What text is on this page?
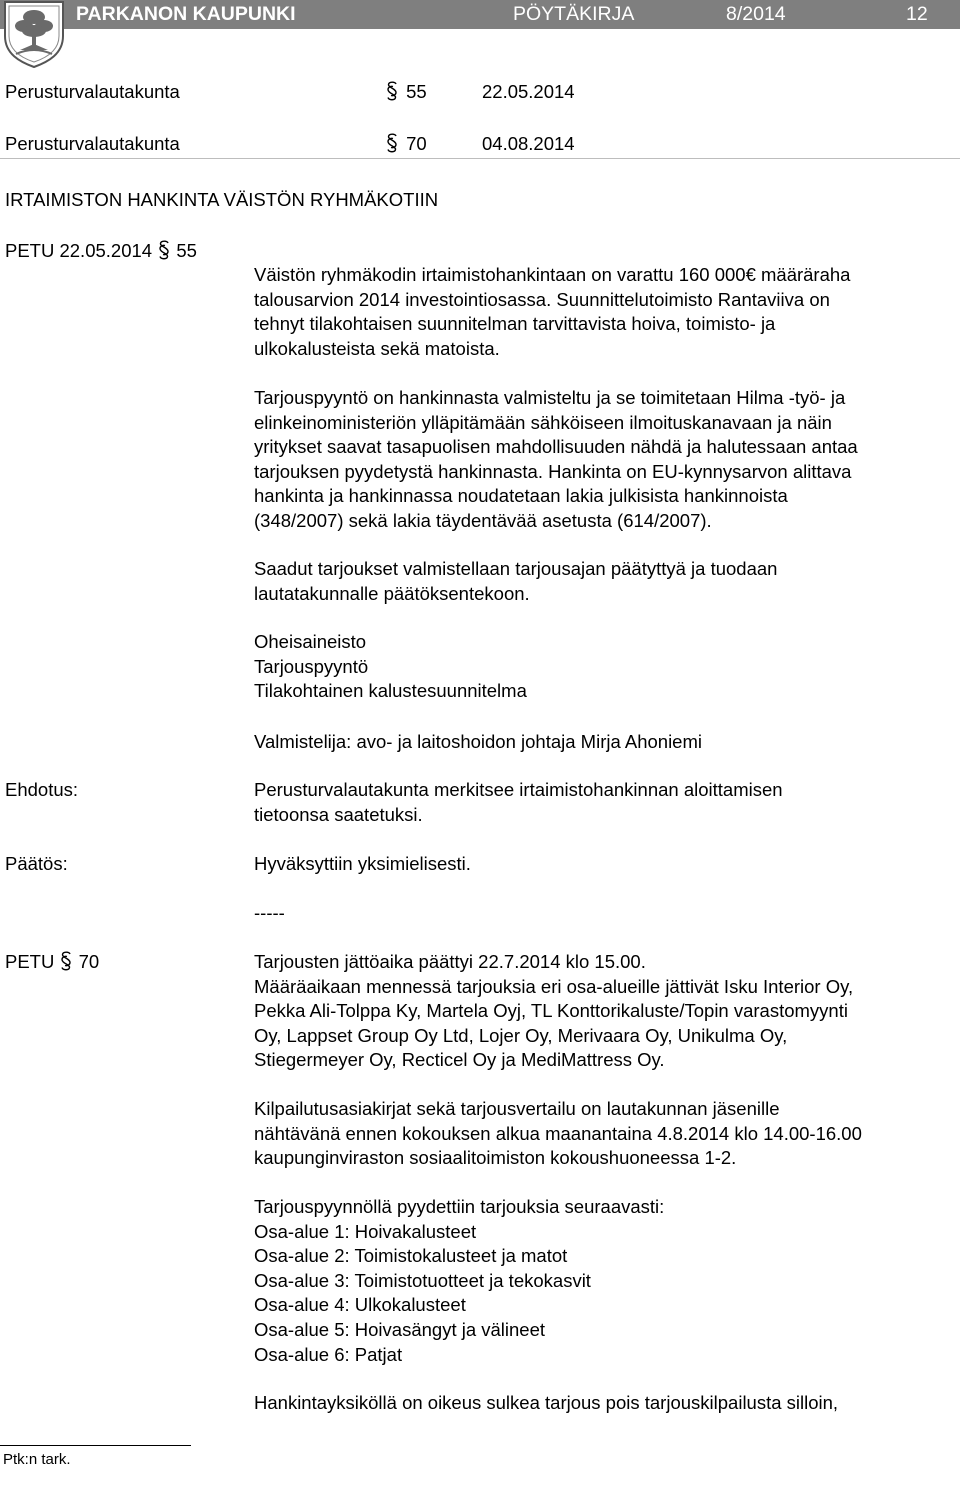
PARKANON KAUPUNKI	PÖYTÄKIRJA	8/2014	12
Perusturvalautakunta	55	22.05.2014
Perusturvalautakunta	70	04.08.2014
IRTAIMISTON HANKINTA VÄISTÖN RYHMÄKOTIIN
PETU 22.05.2014 55

Väistön ryhmäkodin irtaimistohankintaan on varattu 160 000€ määräraha

talousarvion 2014 investointiosassa. Suunnittelutoimisto Rantaviiva on

tehnyt tilakohtaisen suunnitelman tarvittavista hoiva, toimisto- ja

ulkokalusteista sekä matoista.

Tarjouspyyntö on hankinnasta valmisteltu ja se toimitetaan Hilma -työ- ja

elinkeinoministeriön ylläpitämään sähköiseen ilmoituskanavaan ja näin

yritykset saavat tasapuolisen mahdollisuuden nähdä ja halutessaan antaa

tarjouksen pyydetystä hankinnasta. Hankinta on EU-kynnysarvon alittava

hankinta ja hankinnassa noudatetaan lakia julkisista hankinnoista

(348/2007) sekä lakia täydentävää asetusta (614/2007).

Saadut tarjoukset valmistellaan tarjousajan päätyttyä ja tuodaan

lautatakunnalle päätöksentekoon.

Oheisaineisto

Tarjouspyyntö

Tilakohtainen kalustesuunnitelma

Valmistelija: avo- ja laitoshoidon johtaja Mirja Ahoniemi

Ehdotus:	Perusturvalautakunta merkitsee irtaimistohankinnan aloittamisen

tietoonsa saatetuksi.

Päätös:	Hyväksyttiin yksimielisesti.

-----

PETU 70	Tarjousten jättöaika päättyi 22.7.2014 klo 15.00.

Määräaikaan mennessä tarjouksia eri osa-alueille jättivät Isku Interior Oy,

Pekka Ali-Tolppa Ky, Martela Oyj, TL Konttorikaluste/Topin varastomyynti

Oy, Lappset Group Oy Ltd, Lojer Oy, Merivaara Oy, Unikulma Oy,

Stiegermeyer Oy, Recticel Oy ja MediMattress Oy.

Kilpailutusasiakirjat sekä tarjousvertailu on lautakunnan jäsenille

nähtävänä ennen kokouksen alkua maanantaina 4.8.2014 klo 14.00-16.00

kaupunginviraston sosiaalitoimiston kokoushuoneessa 1-2.

Tarjouspyynnöllä pyydettiin tarjouksia seuraavasti:

Osa-alue 1: Hoivakalusteet

Osa-alue 2: Toimistokalusteet ja matot

Osa-alue 3: Toimistotuotteet ja tekokasvit

Osa-alue 4: Ulkokalusteet

Osa-alue 5: Hoivasängyt ja välineet

Osa-alue 6: Patjat

Hankintayksiköllä on oikeus sulkea tarjous pois tarjouskilpailusta silloin,

Ptk:n tark.
